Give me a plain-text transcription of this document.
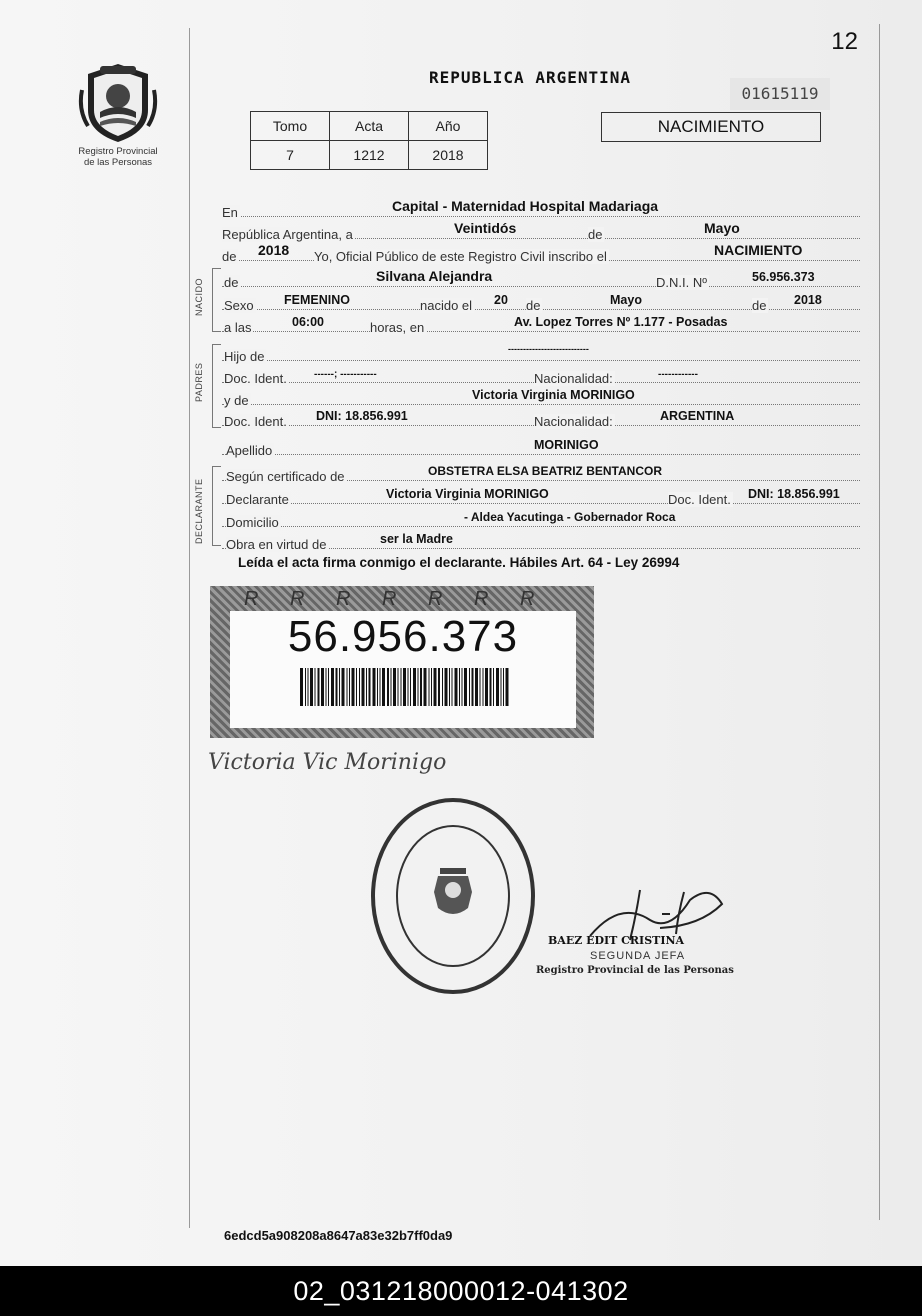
12
Registro Provincial
de las Personas
REPUBLICA ARGENTINA
01615119
Tomo	Acta	Año
7	1212	2018
NACIMIENTO
En	Capital - Maternidad Hospital Madariaga
República Argentina, a	Veintidós	de	Mayo
de 2018 Yo, Oficial Público de este Registro Civil inscribo el	NACIMIENTO
NACIDO de	Silvana Alejandra	D.N.I. Nº	56.956.373
Sexo FEMENINO	nacido el 20 de	Mayo	de 2018
a las	06:00	horas, en	Av. Lopez Torres Nº 1.177 - Posadas
PADRES
Hijo de	---------------------------
Doc. Ident.	------; -----------	Nacionalidad:	------------
y de	Victoria Virginia MORINIGO
Doc. Ident. DNI: 18.856.991	Nacionalidad:	ARGENTINA
Apellido	MORINIGO
DECLARANTE
Según certificado de	OBSTETRA ELSA BEATRIZ BENTANCOR
Declarante	Victoria Virginia MORINIGO	Doc. Ident. DNI: 18.856.991
Domicilio	- Aldea Yacutinga - Gobernador Roca
Obra en virtud de	ser la Madre
Leída el acta firma conmigo el declarante. Hábiles Art. 64 - Ley 26994
R R R R R R R
56.956.373
Victoria Vic Morinigo
BAEZ EDIT CRISTINA
SEGUNDA JEFA
Registro Provincial de las Personas
6edcd5a908208a8647a83e32b7ff0da9
02_031218000012-041302
